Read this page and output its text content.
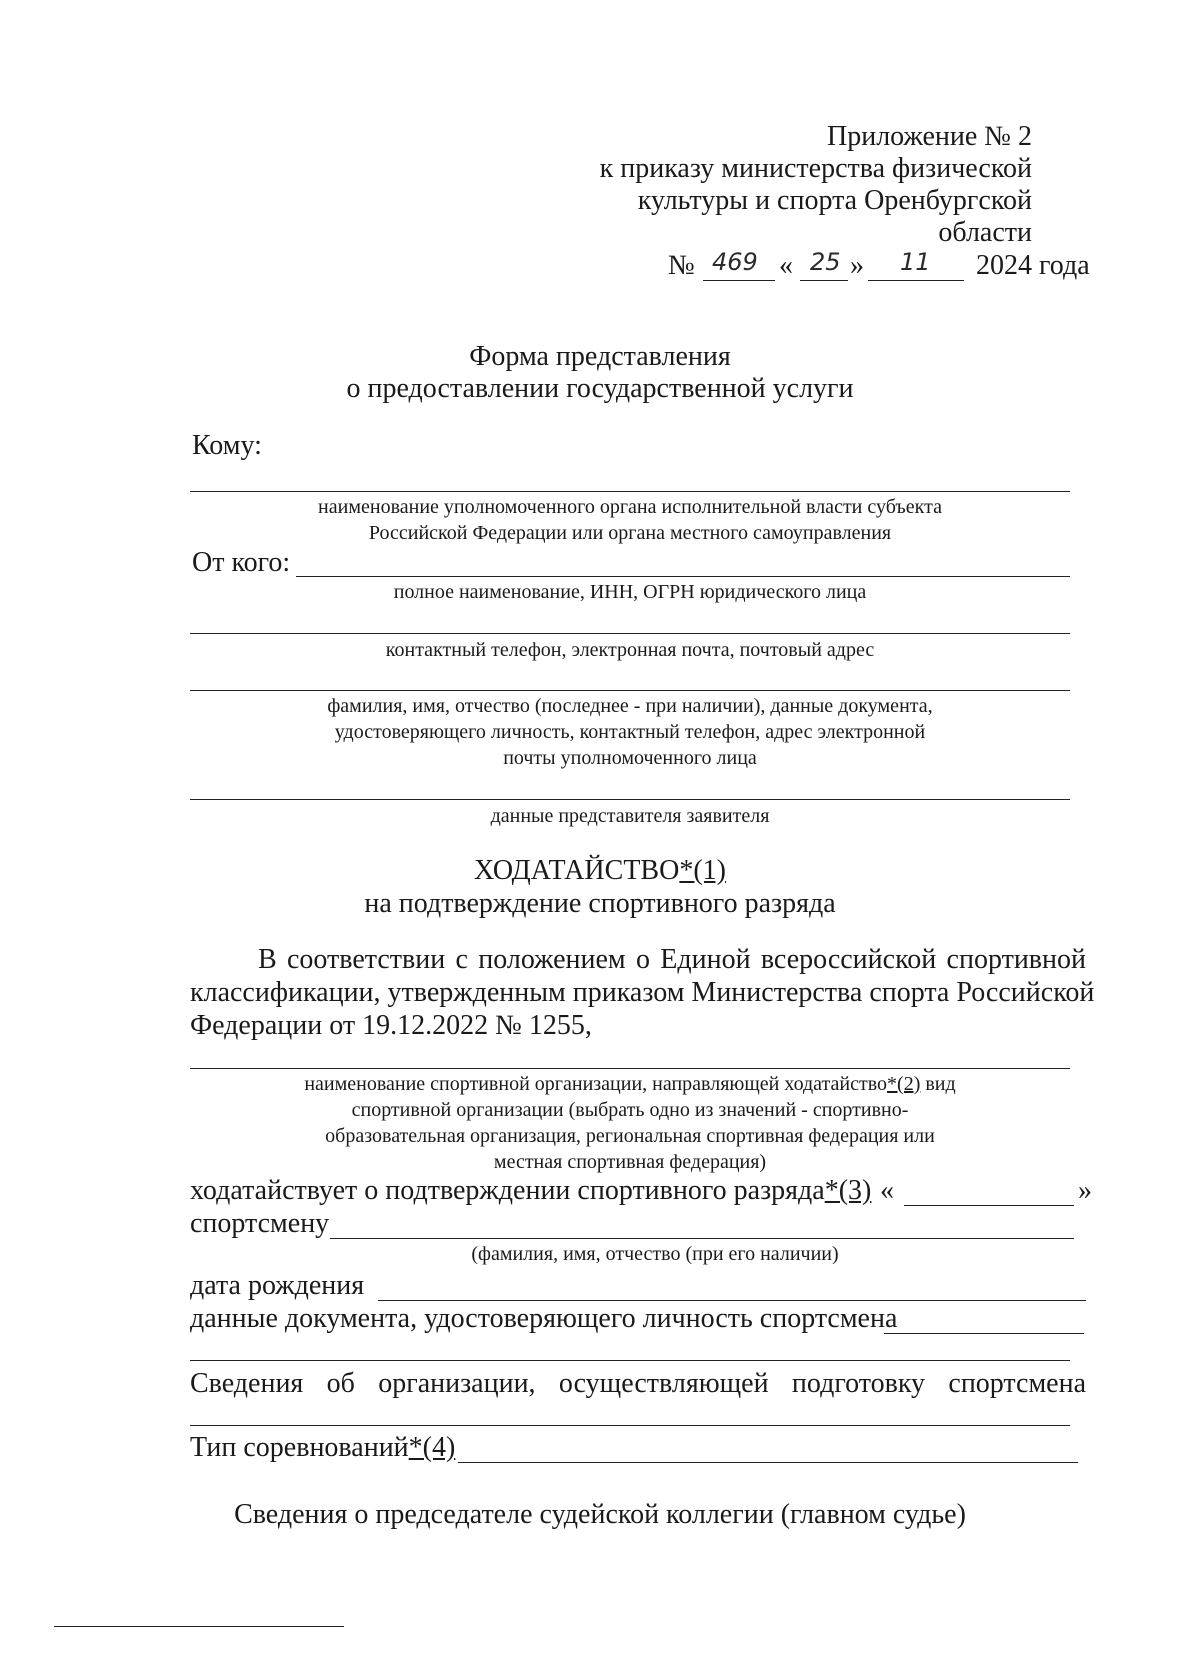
Приложение № 2
к приказу министерства физической
культуры и спорта Оренбургской
области
№ 469 « 25 » 11 2024 года
Форма представления
о предоставлении государственной услуги
Кому:
наименование уполномоченного органа исполнительной власти субъекта
Российской Федерации или органа местного самоуправления
От кого:
полное наименование, ИНН, ОГРН юридического лица
контактный телефон, электронная почта, почтовый адрес
фамилия, имя, отчество (последнее - при наличии), данные документа,
удостоверяющего личность, контактный телефон, адрес электронной
почты уполномоченного лица
данные представителя заявителя
ХОДАТАЙСТВО*(1)
на подтверждение спортивного разряда
В соответствии с положением о Единой всероссийской спортивной
классификации, утвержденным приказом Министерства спорта Российской
Федерации от 19.12.2022 № 1255,
наименование спортивной организации, направляющей ходатайство*(2) вид
спортивной организации (выбрать одно из значений - спортивно-
образовательная организация, региональная спортивная федерация или
местная спортивная федерация)
ходатайствует о подтверждении спортивного разряда*(3) «	»
спортсмену
(фамилия, имя, отчество (при его наличии)
дата рождения
данные документа, удостоверяющего личность спортсмена
Сведения об организации, осуществляющей подготовку спортсмена
Тип соревнований*(4)
Сведения о председателе судейской коллегии (главном судье)
